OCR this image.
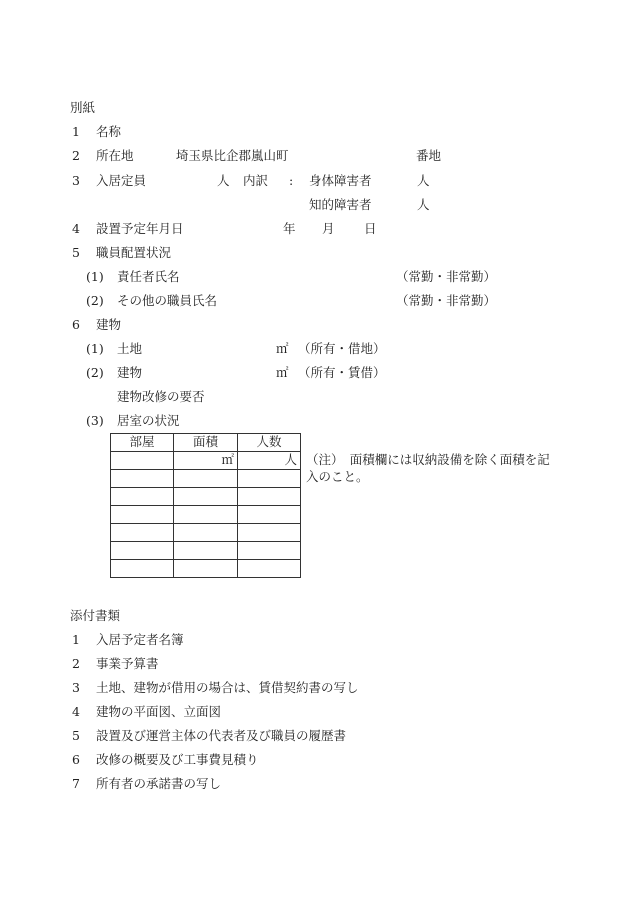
別紙
1 名称
2 所在地	埼玉県比企郡嵐山町	番地
3 入居定員	人 内訳 : 身体障害者	人
知的障害者	人
4 設置予定年月日	年 月 日
5 職員配置状況
(1) 責任者氏名	（常勤・非常勤）
(2) その他の職員氏名	（常勤・非常勤）
6 建物
(1) 土地	㎡ （所有・借地）
(2) 建物	㎡ （所有・賃借）
建物改修の要否
(3) 居室の状況
部屋	面積	人数
	㎡	人

		（注）　面積欄には収納設備を除く面積を記入のこと。
添付書類
1 入居予定者名簿
2 事業予算書
3 土地、建物が借用の場合は、賃借契約書の写し
4 建物の平面図、立面図
5 設置及び運営主体の代表者及び職員の履歴書
6 改修の概要及び工事費見積り
7 所有者の承諾書の写し
